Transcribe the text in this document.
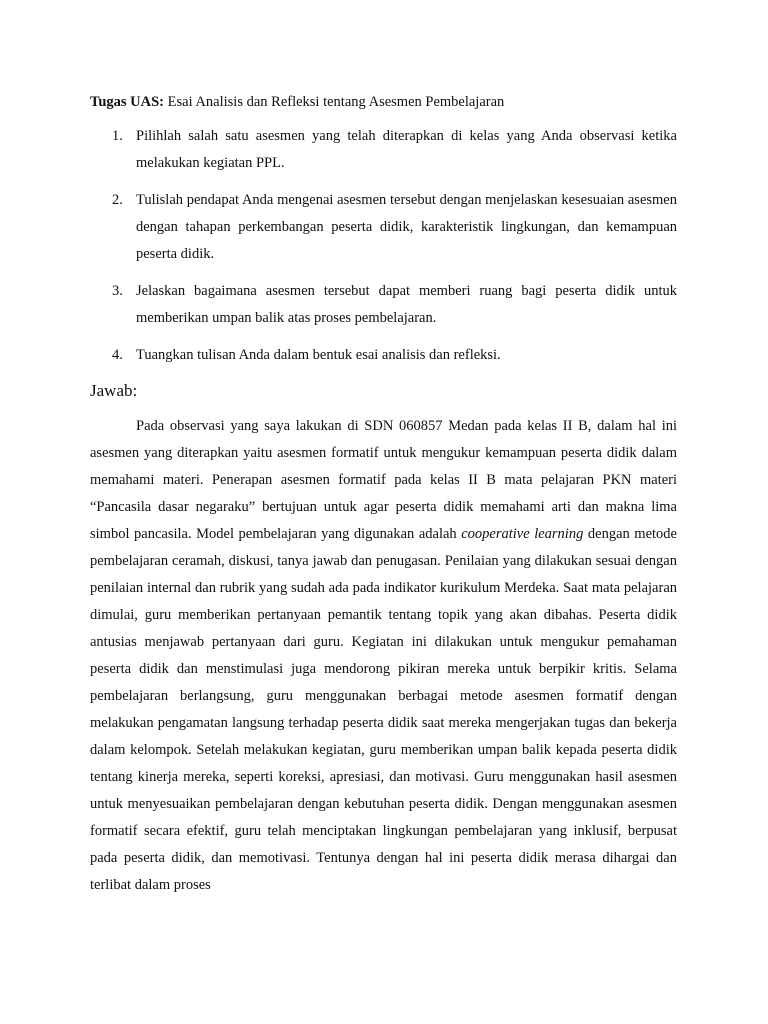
Tugas UAS: Esai Analisis dan Refleksi tentang Asesmen Pembelajaran

1. Pilihlah salah satu asesmen yang telah diterapkan di kelas yang Anda observasi ketika melakukan kegiatan PPL.
2. Tulislah pendapat Anda mengenai asesmen tersebut dengan menjelaskan kesesuaian asesmen dengan tahapan perkembangan peserta didik, karakteristik lingkungan, dan kemampuan peserta didik.
3. Jelaskan bagaimana asesmen tersebut dapat memberi ruang bagi peserta didik untuk memberikan umpan balik atas proses pembelajaran.
4. Tuangkan tulisan Anda dalam bentuk esai analisis dan refleksi.
Jawab:

Pada observasi yang saya lakukan di SDN 060857 Medan pada kelas II B, dalam hal ini asesmen yang diterapkan yaitu asesmen formatif untuk mengukur kemampuan peserta didik dalam memahami materi. Penerapan asesmen formatif pada kelas II B mata pelajaran PKN materi “Pancasila dasar negaraku” bertujuan untuk agar peserta didik memahami arti dan makna lima simbol pancasila. Model pembelajaran yang digunakan adalah cooperative learning dengan metode pembelajaran ceramah, diskusi, tanya jawab dan penugasan. Penilaian yang dilakukan sesuai dengan penilaian internal dan rubrik yang sudah ada pada indikator kurikulum Merdeka. Saat mata pelajaran dimulai, guru memberikan pertanyaan pemantik tentang topik yang akan dibahas. Peserta didik antusias menjawab pertanyaan dari guru. Kegiatan ini dilakukan untuk mengukur pemahaman peserta didik dan menstimulasi juga mendorong pikiran mereka untuk berpikir kritis. Selama pembelajaran berlangsung, guru menggunakan berbagai metode asesmen formatif dengan melakukan pengamatan langsung terhadap peserta didik saat mereka mengerjakan tugas dan bekerja dalam kelompok. Setelah melakukan kegiatan, guru memberikan umpan balik kepada peserta didik tentang kinerja mereka, seperti koreksi, apresiasi, dan motivasi. Guru menggunakan hasil asesmen untuk menyesuaikan pembelajaran dengan kebutuhan peserta didik. Dengan menggunakan asesmen formatif secara efektif, guru telah menciptakan lingkungan pembelajaran yang inklusif, berpusat pada peserta didik, dan memotivasi. Tentunya dengan hal ini peserta didik merasa dihargai dan terlibat dalam proses
